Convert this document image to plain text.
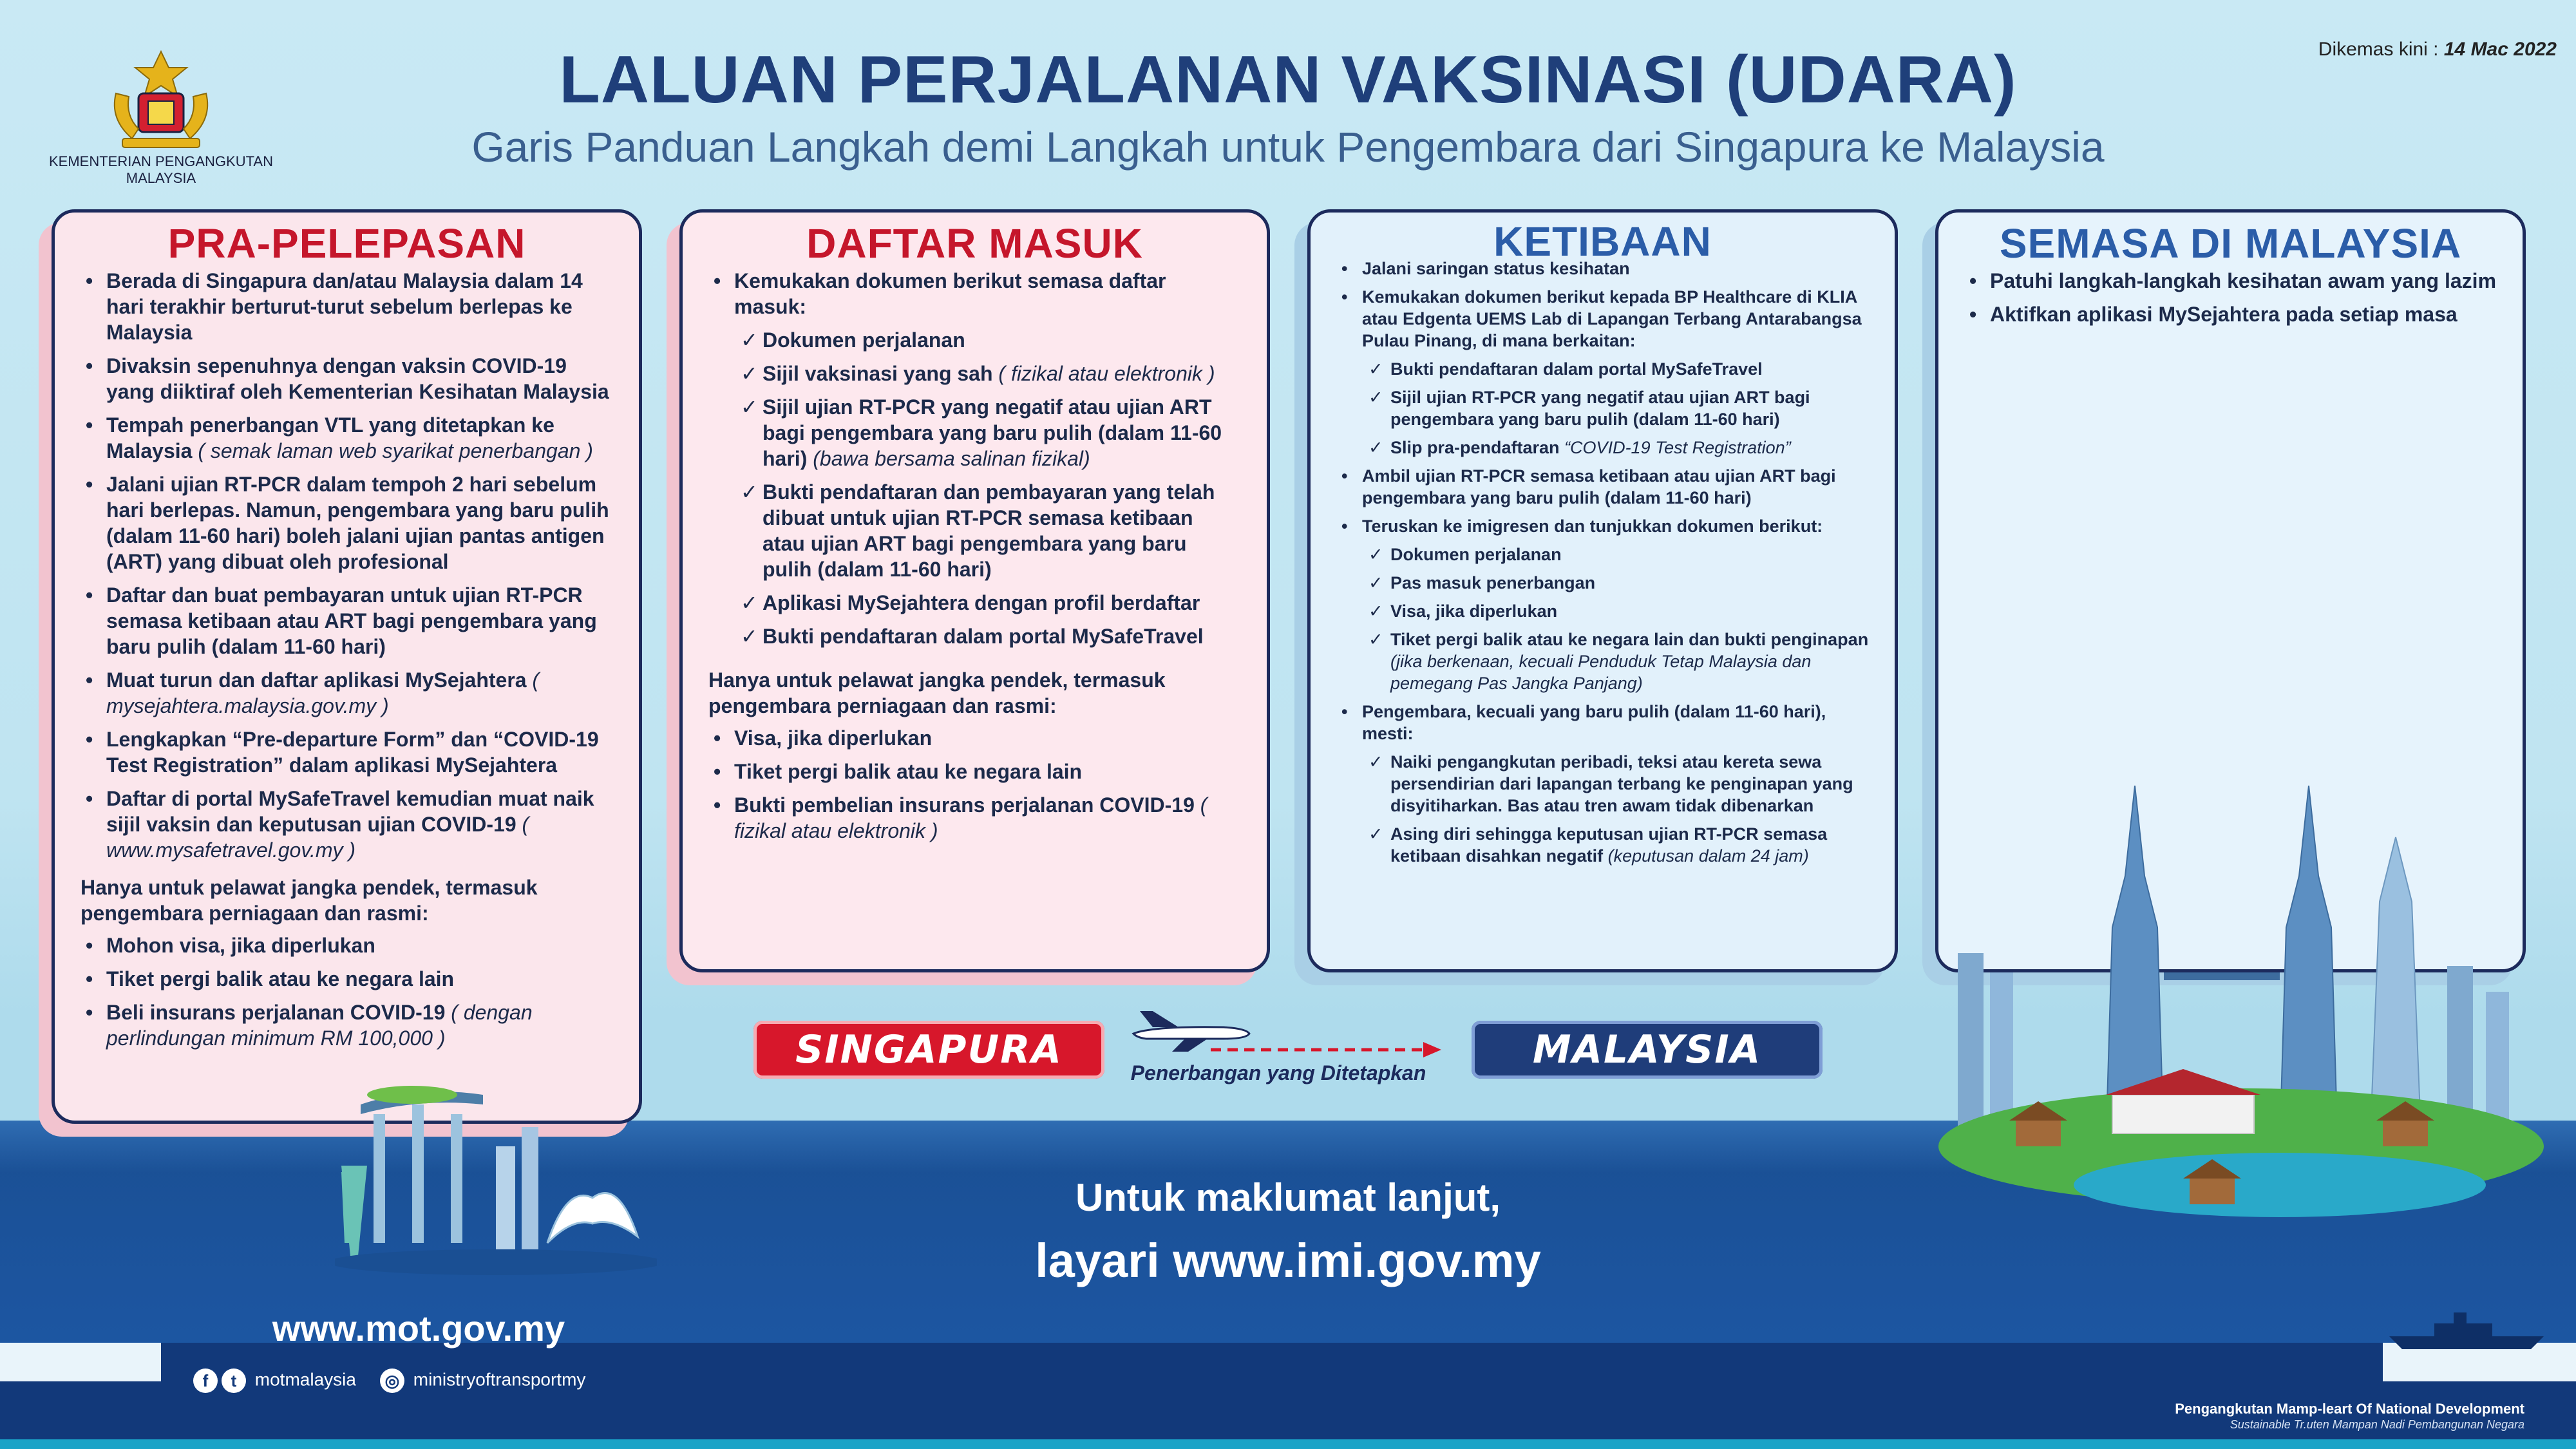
KEMENTERIAN PENGANGKUTAN MALAYSIA
LALUAN PERJALANAN VAKSINASI (UDARA)
Garis Panduan Langkah demi Langkah untuk Pengembara dari Singapura ke Malaysia
Dikemas kini : 14 Mac 2022
PRA-PELEPASAN
• Berada di Singapura dan/atau Malaysia dalam 14 hari terakhir berturut-turut sebelum berlepas ke Malaysia
• Divaksin sepenuhnya dengan vaksin COVID-19 yang diiktiraf oleh Kementerian Kesihatan Malaysia
• Tempah penerbangan VTL yang ditetapkan ke Malaysia ( semak laman web syarikat penerbangan )
• Jalani ujian RT-PCR dalam tempoh 2 hari sebelum hari berlepas. Namun, pengembara yang baru pulih (dalam 11-60 hari) boleh jalani ujian pantas antigen (ART) yang dibuat oleh profesional
• Daftar dan buat pembayaran untuk ujian RT-PCR semasa ketibaan atau ART bagi pengembara yang baru pulih (dalam 11-60 hari)
• Muat turun dan daftar aplikasi MySejahtera ( mysejahtera.malaysia.gov.my )
• Lengkapkan “Pre-departure Form” dan “COVID-19 Test Registration” dalam aplikasi MySejahtera
• Daftar di portal MySafeTravel kemudian muat naik sijil vaksin dan keputusan ujian COVID-19 ( www.mysafetravel.gov.my )
Hanya untuk pelawat jangka pendek, termasuk pengembara perniagaan dan rasmi:
• Mohon visa, jika diperlukan
• Tiket pergi balik atau ke negara lain
• Beli insurans perjalanan COVID-19 ( dengan perlindungan minimum RM 100,000 )
DAFTAR MASUK
• Kemukakan dokumen berikut semasa daftar masuk:
✓ Dokumen perjalanan
✓ Sijil vaksinasi yang sah ( fizikal atau elektronik )
✓ Sijil ujian RT-PCR yang negatif atau ujian ART bagi pengembara yang baru pulih (dalam 11-60 hari) (bawa bersama salinan fizikal)
✓ Bukti pendaftaran dan pembayaran yang telah dibuat untuk ujian RT-PCR semasa ketibaan atau ujian ART bagi pengembara yang baru pulih (dalam 11-60 hari)
✓ Aplikasi MySejahtera dengan profil berdaftar
✓ Bukti pendaftaran dalam portal MySafeTravel
Hanya untuk pelawat jangka pendek, termasuk pengembara perniagaan dan rasmi:
• Visa, jika diperlukan
• Tiket pergi balik atau ke negara lain
• Bukti pembelian insurans perjalanan COVID-19 ( fizikal atau elektronik )
KETIBAAN
• Jalani saringan status kesihatan
• Kemukakan dokumen berikut kepada BP Healthcare di KLIA atau Edgenta UEMS Lab di Lapangan Terbang Antarabangsa Pulau Pinang, di mana berkaitan:
✓ Bukti pendaftaran dalam portal MySafeTravel
✓ Sijil ujian RT-PCR yang negatif atau ujian ART bagi pengembara yang baru pulih (dalam 11-60 hari)
✓ Slip pra-pendaftaran “COVID-19 Test Registration”
• Ambil ujian RT-PCR semasa ketibaan atau ujian ART bagi pengembara yang baru pulih (dalam 11-60 hari)
• Teruskan ke imigresen dan tunjukkan dokumen berikut:
✓ Dokumen perjalanan
✓ Pas masuk penerbangan
✓ Visa, jika diperlukan
✓ Tiket pergi balik atau ke negara lain dan bukti penginapan (jika berkenaan, kecuali Penduduk Tetap Malaysia dan pemegang Pas Jangka Panjang)
• Pengembara, kecuali yang baru pulih (dalam 11-60 hari), mesti:
✓ Naiki pengangkutan peribadi, teksi atau kereta sewa persendirian dari lapangan terbang ke penginapan yang disyitiharkan. Bas atau tren awam tidak dibenarkan
✓ Asing diri sehingga keputusan ujian RT-PCR semasa ketibaan disahkan negatif (keputusan dalam 24 jam)
SEMASA DI MALAYSIA
• Patuhi langkah-langkah kesihatan awam yang lazim
• Aktifkan aplikasi MySejahtera pada setiap masa
SINGAPURA	MALAYSIA
Penerbangan yang Ditetapkan
Untuk maklumat lanjut,
layari www.imi.gov.my
www.mot.gov.my
f t motmalaysia ◎ ministryoftransportmy
Pengangkutan Mamp-leart Of National Development
Sustainable Tr.uten Mampan Nadi Pembangunan Negara
